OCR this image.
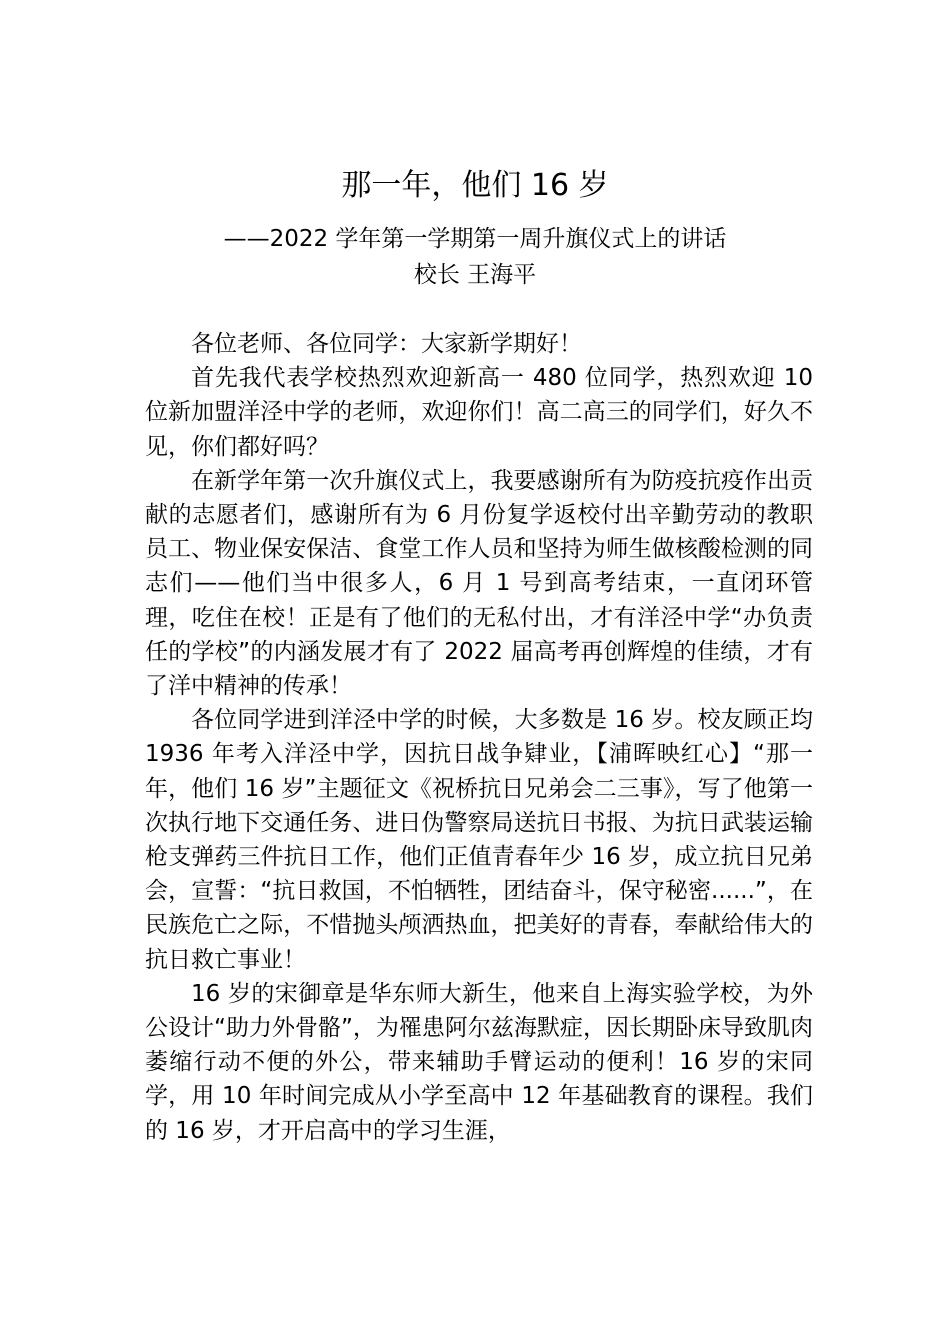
那一年，他们 16 岁
——2022 学年第一学期第一周升旗仪式上的讲话
校长 王海平

各位老师、各位同学：大家新学期好！

首先我代表学校热烈欢迎新高一 480 位同学，热烈欢迎 10 位新加盟洋泾中学的老师，欢迎你们！高二高三的同学们，好久不见，你们都好吗？

在新学年第一次升旗仪式上，我要感谢所有为防疫抗疫作出贡献的志愿者们，感谢所有为 6 月份复学返校付出辛勤劳动的教职员工、物业保安保洁、食堂工作人员和坚持为师生做核酸检测的同志们——他们当中很多人，6 月 1 号到高考结束，一直闭环管理，吃住在校！正是有了他们的无私付出，才有洋泾中学“办负责任的学校”的内涵发展才有了 2022 届高考再创辉煌的佳绩，才有了洋中精神的传承！

各位同学进到洋泾中学的时候，大多数是 16 岁。校友顾正均 1936 年考入洋泾中学，因抗日战争肄业，【浦晖映红心】“那一年，他们 16 岁”主题征文《祝桥抗日兄弟会二三事》，写了他第一次执行地下交通任务、进日伪警察局送抗日书报、为抗日武装运输枪支弹药三件抗日工作，他们正值青春年少 16 岁，成立抗日兄弟会，宣誓：“抗日救国，不怕牺牲，团结奋斗，保守秘密......”，在民族危亡之际，不惜抛头颅洒热血，把美好的青春，奉献给伟大的抗日救亡事业！

16 岁的宋御章是华东师大新生，他来自上海实验学校，为外公设计“助力外骨骼”，为罹患阿尔兹海默症，因长期卧床导致肌肉萎缩行动不便的外公，带来辅助手臂运动的便利！16 岁的宋同学，用 10 年时间完成从小学至高中 12 年基础教育的课程。我们的 16 岁，才开启高中的学习生涯，
